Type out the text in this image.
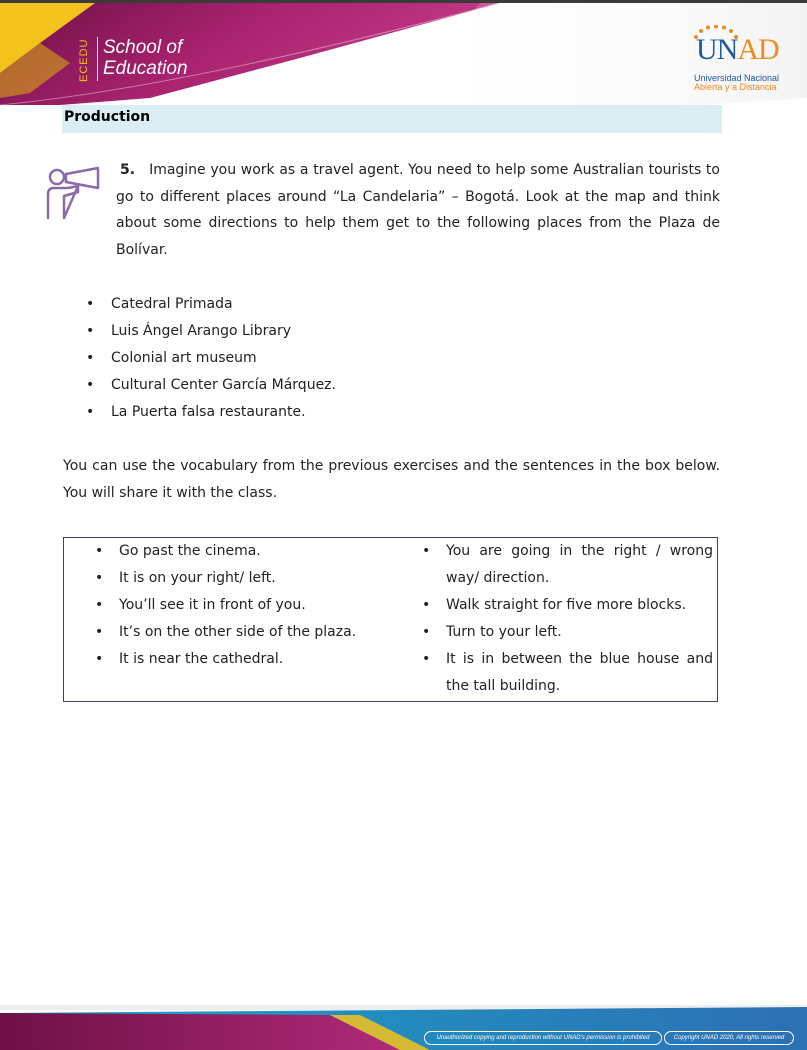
ECEDU School of
Education
UNAD
Universidad Nacional
Abierta y a Distancia
Production
5. Imagine you work as a travel agent. You need to help some Australian tourists to go to different places around “La Candelaria” – Bogotá. Look at the map and think about some directions to help them get to the following places from the Plaza de Bolívar.
• Catedral Primada
• Luis Ángel Arango Library
• Colonial art museum
• Cultural Center García Márquez.
• La Puerta falsa restaurante.
You can use the vocabulary from the previous exercises and the sentences in the box below. You will share it with the class.
• Go past the cinema.
• It is on your right/ left.
• You’ll see it in front of you.
• It’s on the other side of the plaza.
• It is near the cathedral.
• You are going in the right / wrong way/ direction.
• Walk straight for five more blocks.
• Turn to your left.
• It is in between the blue house and the tall building.
Unauthorized copying and reproduction without UNAD's permission is prohibited	Copyright UNAD 2020, All rights reserved
